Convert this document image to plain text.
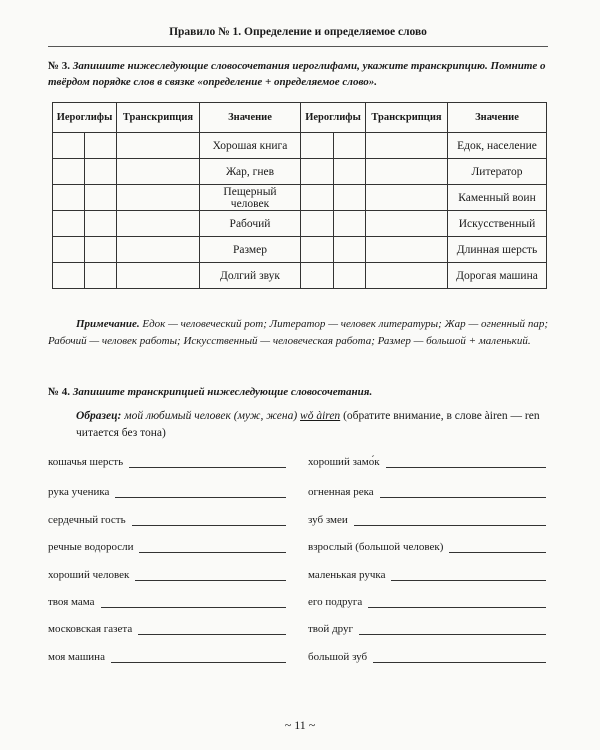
Правило № 1. Определение и определяемое слово
№ 3. Запишите нижеследующие словосочетания иероглифами, укажите транскрипцию. Помните о твёрдом порядке слов в связке «определение + определяемое слово».
Иероглифы	Транскрипция	Значение	Иероглифы	Транскрипция	Значение

		Хорошая книга			Едок, население

		Жар, гнев			Литератор

		Пещерный человек			Каменный воин

		Рабочий			Искусственный

		Размер			Длинная шерсть

		Долгий звук			Дорогая машина
Примечание. Едок — человеческий рот; Литератор — человек литературы; Жар — огненный пар; Рабочий — человек работы; Искусственный — человеческая работа; Размер — большой + маленький.
№ 4. Запишите транскрипцией нижеследующие словосочетания.
Образец: мой любимый человек (муж, жена) wǒ àiren (обратите внимание, в слове àiren — ren читается без тона)
кошачья шерсть
рука ученика
сердечный гость
речные водоросли
хороший человек
твоя мама
московская газета
моя машина
хороший замо́к
огненная река
зуб змеи
взрослый (большой человек)
маленькая ручка
его подруга
твой друг
большой зуб
~ 11 ~
